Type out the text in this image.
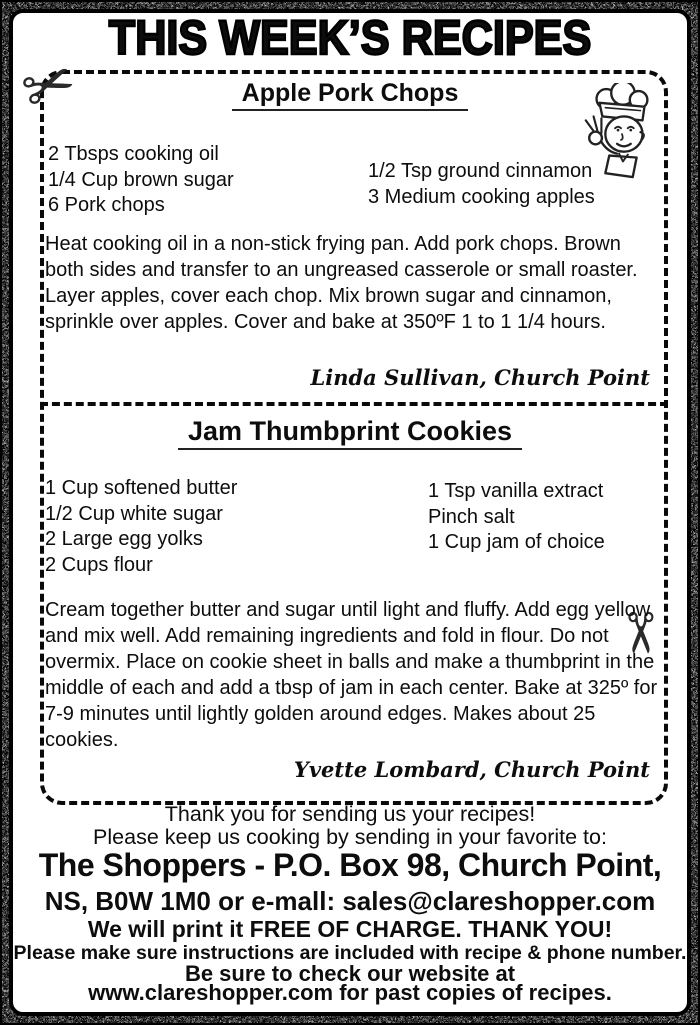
THIS WEEK’S RECIPES
✂
✂
Apple Pork Chops
2 Tbsps cooking oil
1/4 Cup brown sugar
6 Pork chops
1/2 Tsp ground cinnamon
3 Medium cooking apples
Heat cooking oil in a non-stick frying pan. Add pork chops. Brown both sides and transfer to an ungreased casserole or small roaster. Layer apples, cover each chop. Mix brown sugar and cinnamon, sprinkle over apples. Cover and bake at 350ºF 1 to 1 1/4 hours.
Linda Sullivan, Church Point
Jam Thumbprint Cookies
1 Cup softened butter
1/2 Cup white sugar
2 Large egg yolks
2 Cups flour
1 Tsp vanilla extract
Pinch salt
1 Cup jam of choice
Cream together butter and sugar until light and fluffy. Add egg yellow and mix well. Add remaining ingredients and fold in flour. Do not overmix. Place on cookie sheet in balls and make a thumbprint in the middle of each and add a tbsp of jam in each center. Bake at 325º for 7-9 minutes until lightly golden around edges. Makes about 25 cookies.
Yvette Lombard, Church Point
Thank you for sending us your recipes!
Please keep us cooking by sending in your favorite to:
The Shoppers - P.O. Box 98, Church Point,
NS, B0W 1M0 or e-mall: sales@clareshopper.com
We will print it FREE OF CHARGE. THANK YOU!
Please make sure instructions are included with recipe & phone number.
Be sure to check our website at
www.clareshopper.com for past copies of recipes.
